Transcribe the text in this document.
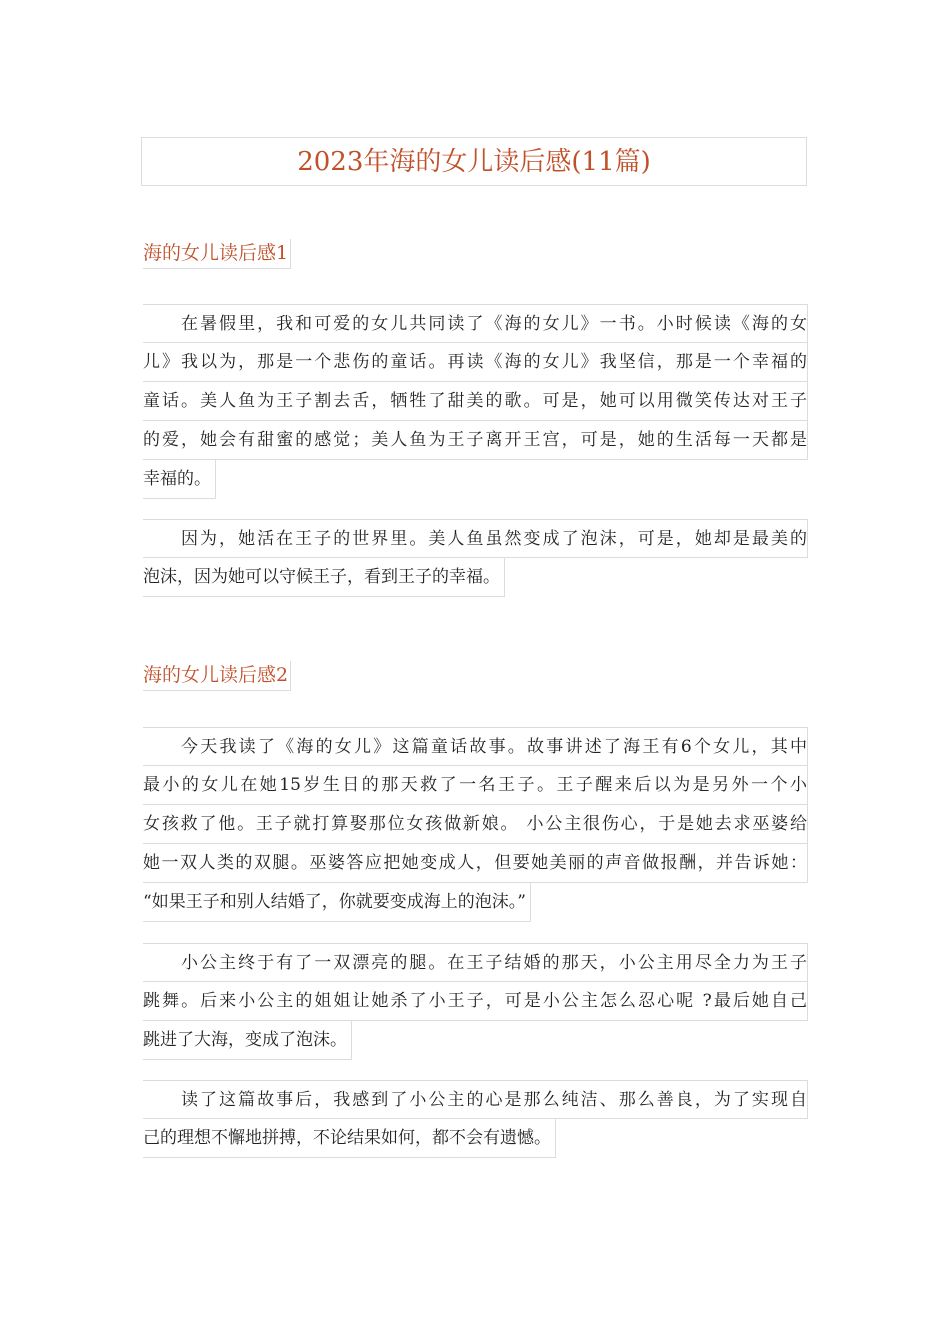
2023年海的女儿读后感(11篇)
海的女儿读后感1
在暑假里，我和可爱的女儿共同读了《海的女儿》一书。小时候读《海的女
儿》我以为，那是一个悲伤的童话。再读《海的女儿》我坚信，那是一个幸福的
童话。美人鱼为王子割去舌，牺牲了甜美的歌。可是，她可以用微笑传达对王子
的爱，她会有甜蜜的感觉；美人鱼为王子离开王宫，可是，她的生活每一天都是
幸福的。
因为，她活在王子的世界里。美人鱼虽然变成了泡沫，可是，她却是最美的
泡沫，因为她可以守候王子，看到王子的幸福。
海的女儿读后感2
今天我读了《海的女儿》这篇童话故事。故事讲述了海王有6个女儿，其中
最小的女儿在她15岁生日的那天救了一名王子。王子醒来后以为是另外一个小
女孩救了他。王子就打算娶那位女孩做新娘。 小公主很伤心，于是她去求巫婆给
她一双人类的双腿。巫婆答应把她变成人，但要她美丽的声音做报酬，并告诉她：
“如果王子和别人结婚了，你就要变成海上的泡沫。”
小公主终于有了一双漂亮的腿。在王子结婚的那天，小公主用尽全力为王子
跳舞。后来小公主的姐姐让她杀了小王子，可是小公主怎么忍心呢 ?最后她自己
跳进了大海，变成了泡沫。
读了这篇故事后，我感到了小公主的心是那么纯洁、那么善良，为了实现自
己的理想不懈地拼搏，不论结果如何，都不会有遗憾。
